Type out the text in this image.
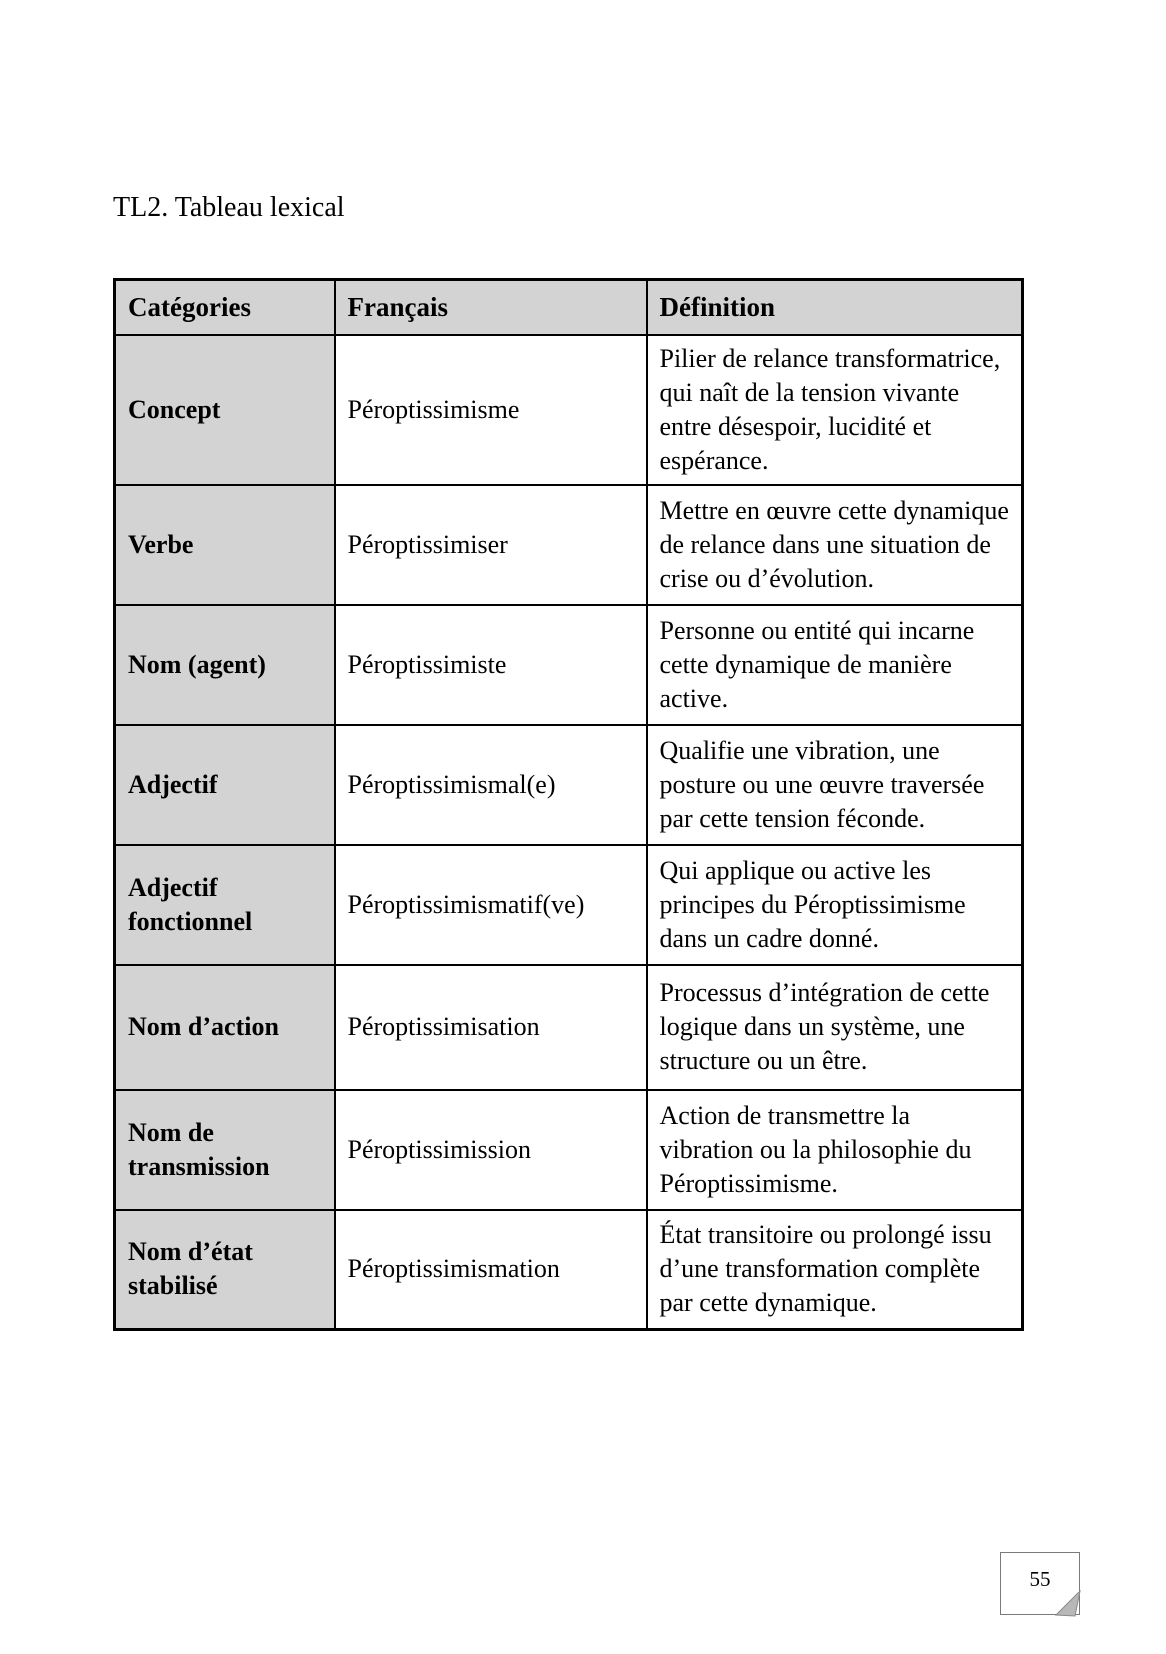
TL2. Tableau lexical
Catégories	Français	Définition
Concept	Péroptissimisme	Pilier de relance transformatrice, qui naît de la tension vivante entre désespoir, lucidité et espérance.
Verbe	Péroptissimiser	Mettre en œuvre cette dynamique de relance dans une situation de crise ou d’évolution.
Nom (agent)	Péroptissimiste	Personne ou entité qui incarne cette dynamique de manière active.
Adjectif	Péroptissimismal(e)	Qualifie une vibration, une posture ou une œuvre traversée par cette tension féconde.
Adjectif fonctionnel	Péroptissimismatif(ve)	Qui applique ou active les principes du Péroptissimisme dans un cadre donné.
Nom d’action	Péroptissimisation	Processus d’intégration de cette logique dans un système, une structure ou un être.
Nom de transmission	Péroptissimission	Action de transmettre la vibration ou la philosophie du Péroptissimisme.
Nom d’état stabilisé	Péroptissimismation	État transitoire ou prolongé issu d’une transformation complète par cette dynamique.
55
